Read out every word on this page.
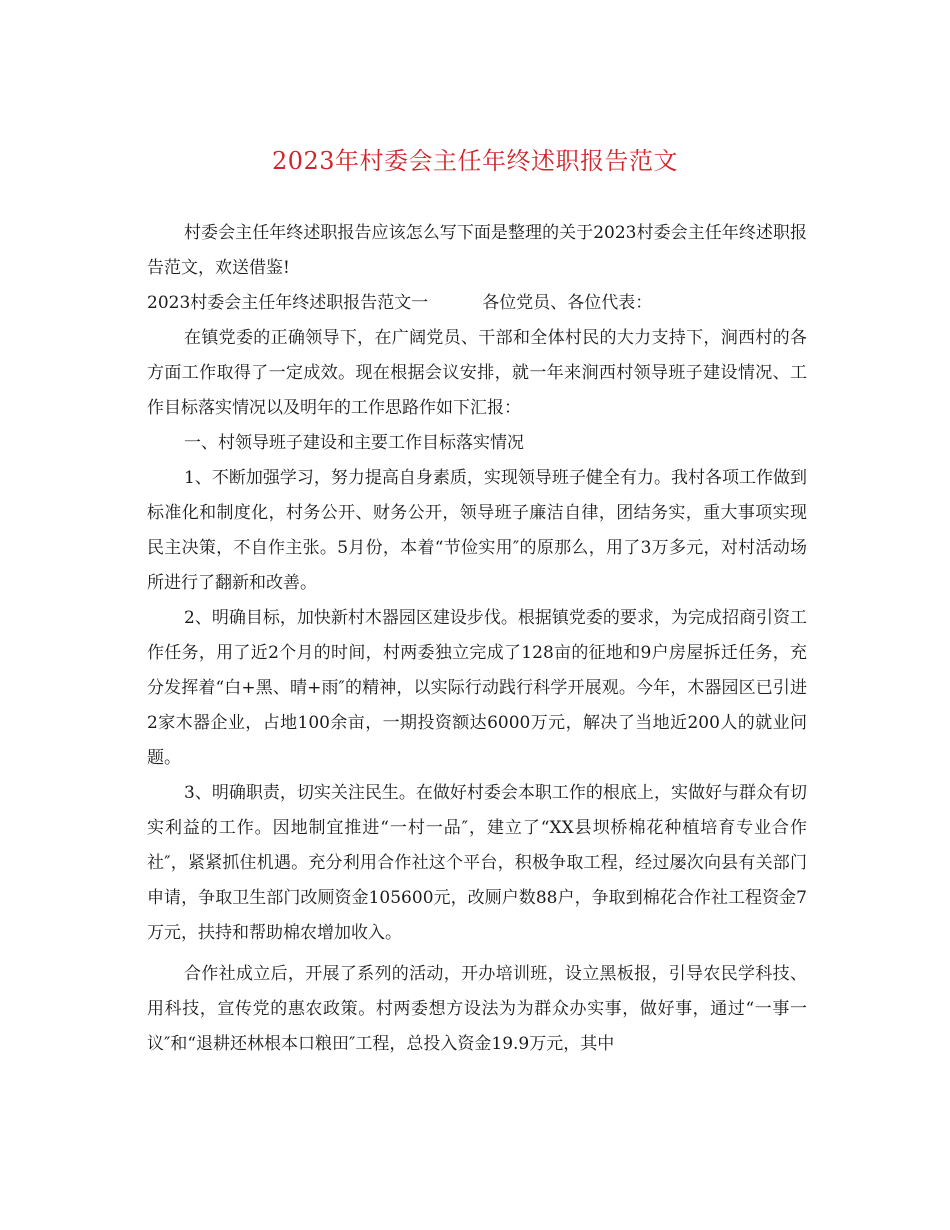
2023年村委会主任年终述职报告范文

村委会主任年终述职报告应该怎么写下面是整理的关于2023村委会主任年终述职报告范文，欢送借鉴!

2023村委会主任年终述职报告范文一	各位党员、各位代表：

在镇党委的正确领导下，在广阔党员、干部和全体村民的大力支持下，涧西村的各方面工作取得了一定成效。现在根据会议安排，就一年来涧西村领导班子建设情况、工作目标落实情况以及明年的工作思路作如下汇报：

一、村领导班子建设和主要工作目标落实情况

1、不断加强学习，努力提高自身素质，实现领导班子健全有力。我村各项工作做到标准化和制度化，村务公开、财务公开，领导班子廉洁自律，团结务实，重大事项实现民主决策，不自作主张。5月份，本着“节俭实用″的原那么，用了3万多元，对村活动场所进行了翻新和改善。

2、明确目标，加快新村木器园区建设步伐。根据镇党委的要求，为完成招商引资工作任务，用了近2个月的时间，村两委独立完成了128亩的征地和9户房屋拆迁任务，充分发挥着“白+黑、晴+雨″的精神，以实际行动践行科学开展观。今年，木器园区已引进2家木器企业，占地100余亩，一期投资额达6000万元，解决了当地近200人的就业问题。

3、明确职责，切实关注民生。在做好村委会本职工作的根底上，实做好与群众有切实利益的工作。因地制宜推进“一村一品″，建立了“XX县坝桥棉花种植培育专业合作社″，紧紧抓住机遇。充分利用合作社这个平台，积极争取工程，经过屡次向县有关部门申请，争取卫生部门改厕资金105600元，改厕户数88户，争取到棉花合作社工程资金7万元，扶持和帮助棉农增加收入。

合作社成立后，开展了系列的活动，开办培训班，设立黑板报，引导农民学科技、用科技，宣传党的惠农政策。村两委想方设法为为群众办实事，做好事，通过“一事一议″和“退耕还林根本口粮田″工程，总投入资金19.9万元，其中
